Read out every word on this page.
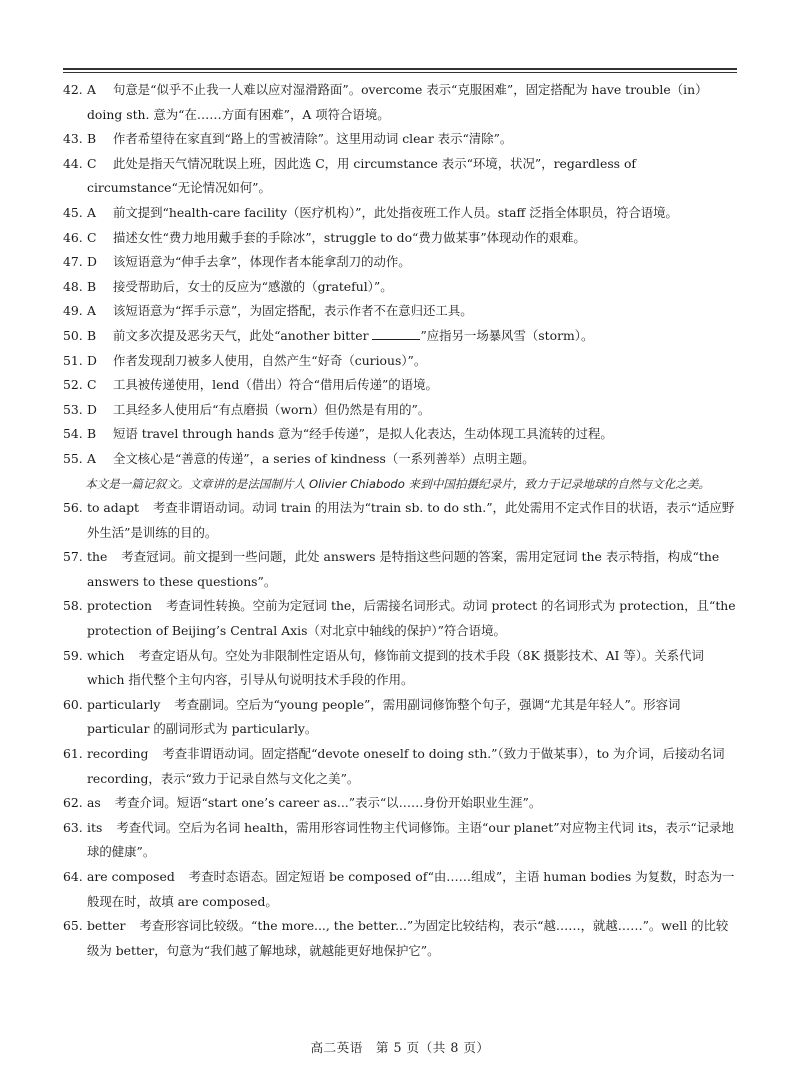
42. A 句意是“似乎不止我一人难以应对湿滑路面”。overcome 表示“克服困难”，固定搭配为 have trouble（in）doing sth. 意为“在……方面有困难”，A 项符合语境。

43. B 作者希望待在家直到“路上的雪被清除”。这里用动词 clear 表示“清除”。

44. C 此处是指天气情况耽误上班，因此选 C，用 circumstance 表示“环境，状况”，regardless of circumstance“无论情况如何”。

45. A 前文提到“health-care facility（医疗机构）”，此处指夜班工作人员。staff 泛指全体职员，符合语境。

46. C 描述女性“费力地用戴手套的手除冰”，struggle to do“费力做某事”体现动作的艰难。

47. D 该短语意为“伸手去拿”，体现作者本能拿刮刀的动作。

48. B 接受帮助后，女士的反应为“感激的（grateful）”。

49. A 该短语意为“挥手示意”，为固定搭配，表示作者不在意归还工具。

50. B 前文多次提及恶劣天气，此处“another bitter	”应指另一场暴风雪（storm）。

51. D 作者发现刮刀被多人使用，自然产生“好奇（curious）”。

52. C 工具被传递使用，lend（借出）符合“借用后传递”的语境。

53. D 工具经多人使用后“有点磨损（worn）但仍然是有用的”。

54. B 短语 travel through hands 意为“经手传递”，是拟人化表达，生动体现工具流转的过程。

55. A 全文核心是“善意的传递”，a series of kindness（一系列善举）点明主题。

本文是一篇记叙文。文章讲的是法国制片人 Olivier Chiabodo 来到中国拍摄纪录片，致力于记录地球的自然与文化之美。

56. to adapt 考查非谓语动词。动词 train 的用法为“train sb. to do sth.”，此处需用不定式作目的状语，表示“适应野外生活”是训练的目的。

57. the 考查冠词。前文提到一些问题，此处 answers 是特指这些问题的答案，需用定冠词 the 表示特指，构成“the answers to these questions”。

58. protection 考查词性转换。空前为定冠词 the，后需接名词形式。动词 protect 的名词形式为 protection，且“the protection of Beijing’s Central Axis（对北京中轴线的保护）”符合语境。

59. which 考查定语从句。空处为非限制性定语从句，修饰前文提到的技术手段（8K 摄影技术、AI 等）。关系代词 which 指代整个主句内容，引导从句说明技术手段的作用。

60. particularly 考查副词。空后为“young people”，需用副词修饰整个句子，强调“尤其是年轻人”。形容词 particular 的副词形式为 particularly。

61. recording 考查非谓语动词。固定搭配“devote oneself to doing sth.”（致力于做某事），to 为介词，后接动名词 recording，表示“致力于记录自然与文化之美”。

62. as 考查介词。短语“start one’s career as...”表示“以……身份开始职业生涯”。

63. its 考查代词。空后为名词 health，需用形容词性物主代词修饰。主语“our planet”对应物主代词 its，表示“记录地球的健康”。

64. are composed 考查时态语态。固定短语 be composed of“由……组成”，主语 human bodies 为复数，时态为一般现在时，故填 are composed。

65. better 考查形容词比较级。“the more..., the better...”为固定比较结构，表示“越……，就越……”。well 的比较级为 better，句意为“我们越了解地球，就越能更好地保护它”。

高二英语　第 5 页（共 8 页）
